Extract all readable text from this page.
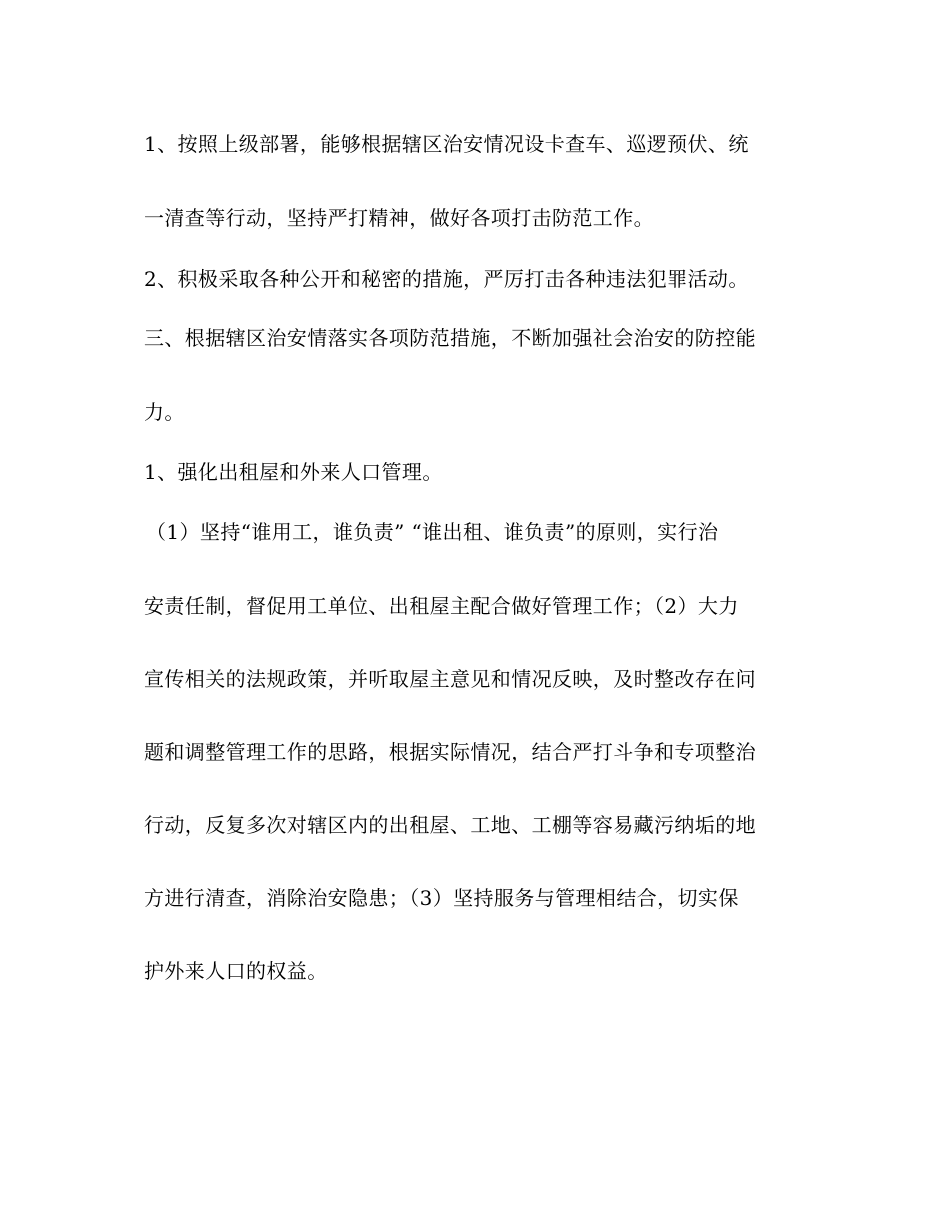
1、按照上级部署，能够根据辖区治安情况设卡查车、巡逻预伏、统
一清查等行动，坚持严打精神，做好各项打击防范工作。
2、积极采取各种公开和秘密的措施，严厉打击各种违法犯罪活动。
三、根据辖区治安情落实各项防范措施，不断加强社会治安的防控能
力。
1、强化出租屋和外来人口管理。
（1）坚持“谁用工，谁负责” “谁出租、谁负责”的原则，实行治
安责任制，督促用工单位、出租屋主配合做好管理工作；（2）大力
宣传相关的法规政策，并听取屋主意见和情况反映，及时整改存在问
题和调整管理工作的思路，根据实际情况，结合严打斗争和专项整治
行动，反复多次对辖区内的出租屋、工地、工棚等容易藏污纳垢的地
方进行清查，消除治安隐患；（3）坚持服务与管理相结合，切实保
护外来人口的权益。
